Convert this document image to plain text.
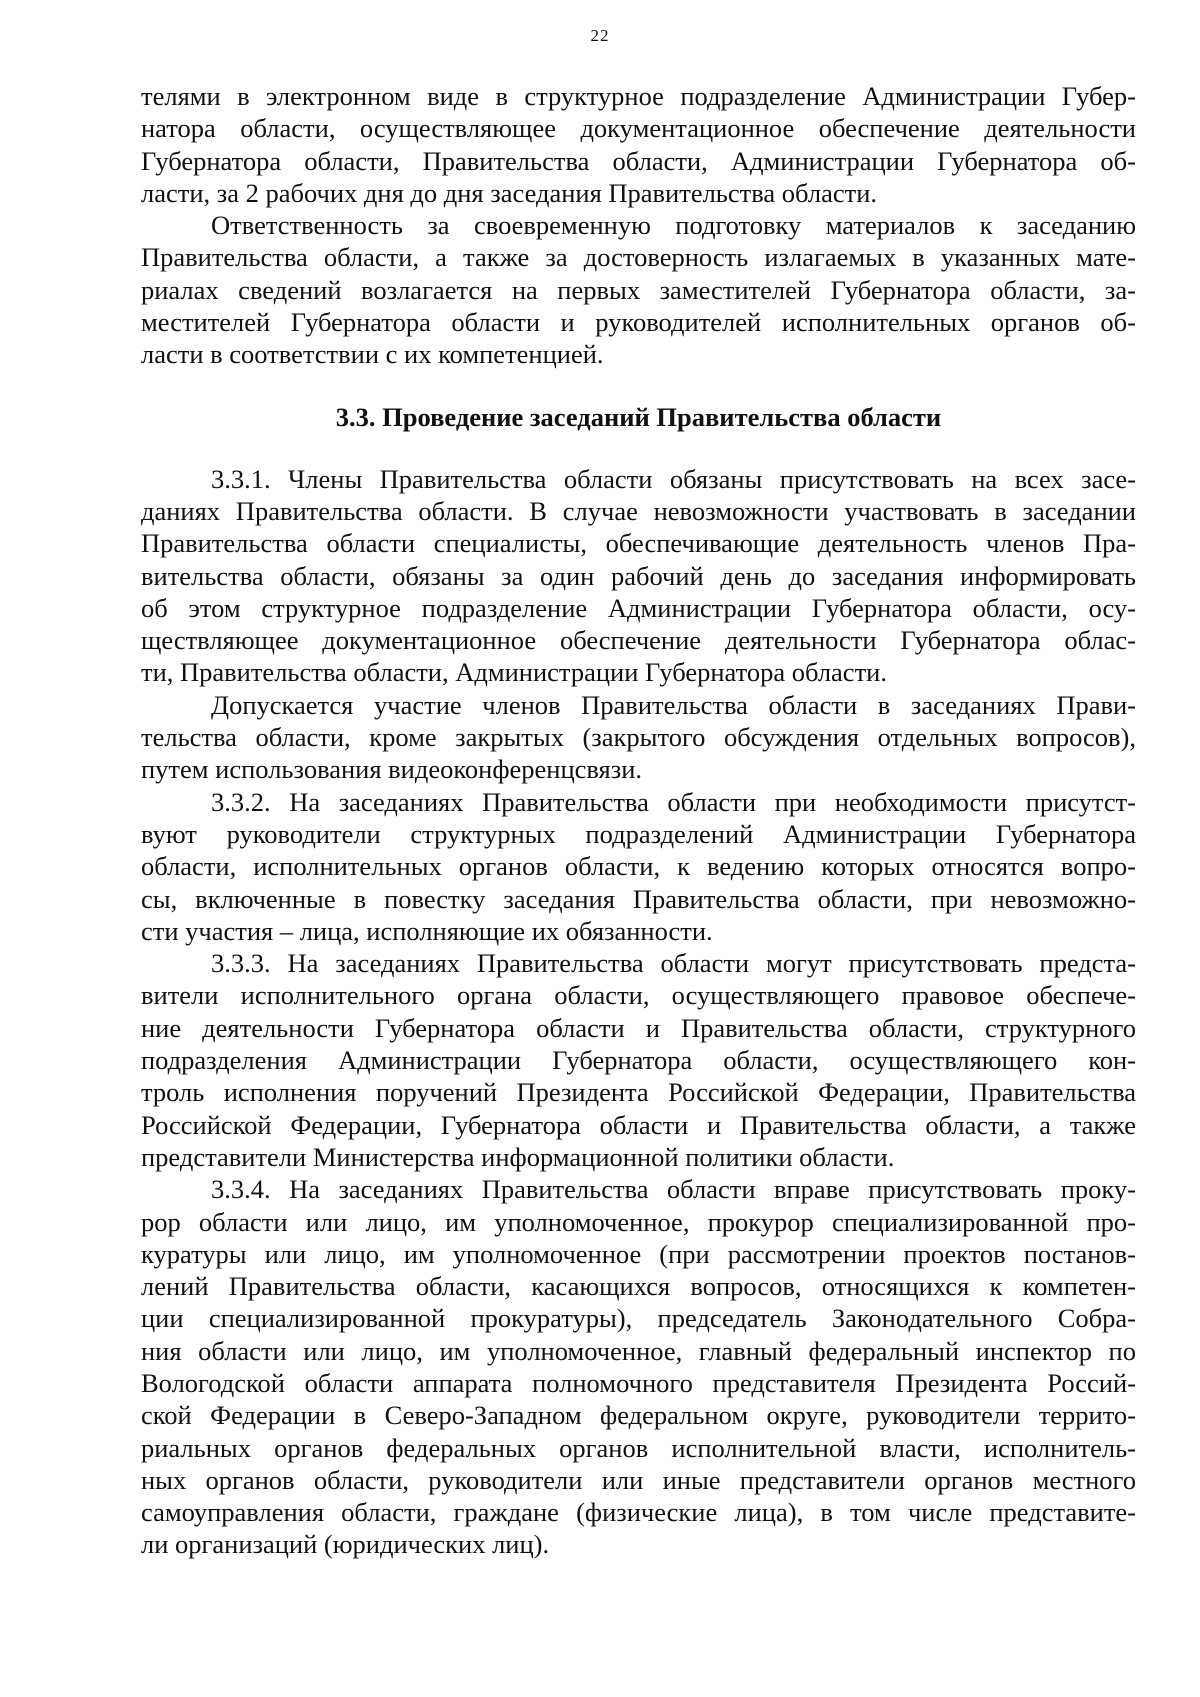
22
телями в электронном виде в структурное подразделение Администрации Губер-
натора области, осуществляющее документационное обеспечение деятельности
Губернатора области, Правительства области, Администрации Губернатора об-
ласти, за 2 рабочих дня до дня заседания Правительства области.
Ответственность за своевременную подготовку материалов к заседанию
Правительства области, а также за достоверность излагаемых в указанных мате-
риалах сведений возлагается на первых заместителей Губернатора области, за-
местителей Губернатора области и руководителей исполнительных органов об-
ласти в соответствии с их компетенцией.
3.3. Проведение заседаний Правительства области
3.3.1. Члены Правительства области обязаны присутствовать на всех засе-
даниях Правительства области. В случае невозможности участвовать в заседании
Правительства области специалисты, обеспечивающие деятельность членов Пра-
вительства области, обязаны за один рабочий день до заседания информировать
об этом структурное подразделение Администрации Губернатора области, осу-
ществляющее документационное обеспечение деятельности Губернатора облас-
ти, Правительства области, Администрации Губернатора области.
Допускается участие членов Правительства области в заседаниях Прави-
тельства области, кроме закрытых (закрытого обсуждения отдельных вопросов),
путем использования видеоконференцсвязи.
3.3.2. На заседаниях Правительства области при необходимости присутст-
вуют руководители структурных подразделений Администрации Губернатора
области, исполнительных органов области, к ведению которых относятся вопро-
сы, включенные в повестку заседания Правительства области, при невозможно-
сти участия – лица, исполняющие их обязанности.
3.3.3. На заседаниях Правительства области могут присутствовать предста-
вители исполнительного органа области, осуществляющего правовое обеспече-
ние деятельности Губернатора области и Правительства области, структурного
подразделения Администрации Губернатора области, осуществляющего кон-
троль исполнения поручений Президента Российской Федерации, Правительства
Российской Федерации, Губернатора области и Правительства области, а также
представители Министерства информационной политики области.
3.3.4. На заседаниях Правительства области вправе присутствовать проку-
рор области или лицо, им уполномоченное, прокурор специализированной про-
куратуры или лицо, им уполномоченное (при рассмотрении проектов постанов-
лений Правительства области, касающихся вопросов, относящихся к компетен-
ции специализированной прокуратуры), председатель Законодательного Собра-
ния области или лицо, им уполномоченное, главный федеральный инспектор по
Вологодской области аппарата полномочного представителя Президента Россий-
ской Федерации в Северо-Западном федеральном округе, руководители террито-
риальных органов федеральных органов исполнительной власти, исполнитель-
ных органов области, руководители или иные представители органов местного
самоуправления области, граждане (физические лица), в том числе представите-
ли организаций (юридических лиц).
